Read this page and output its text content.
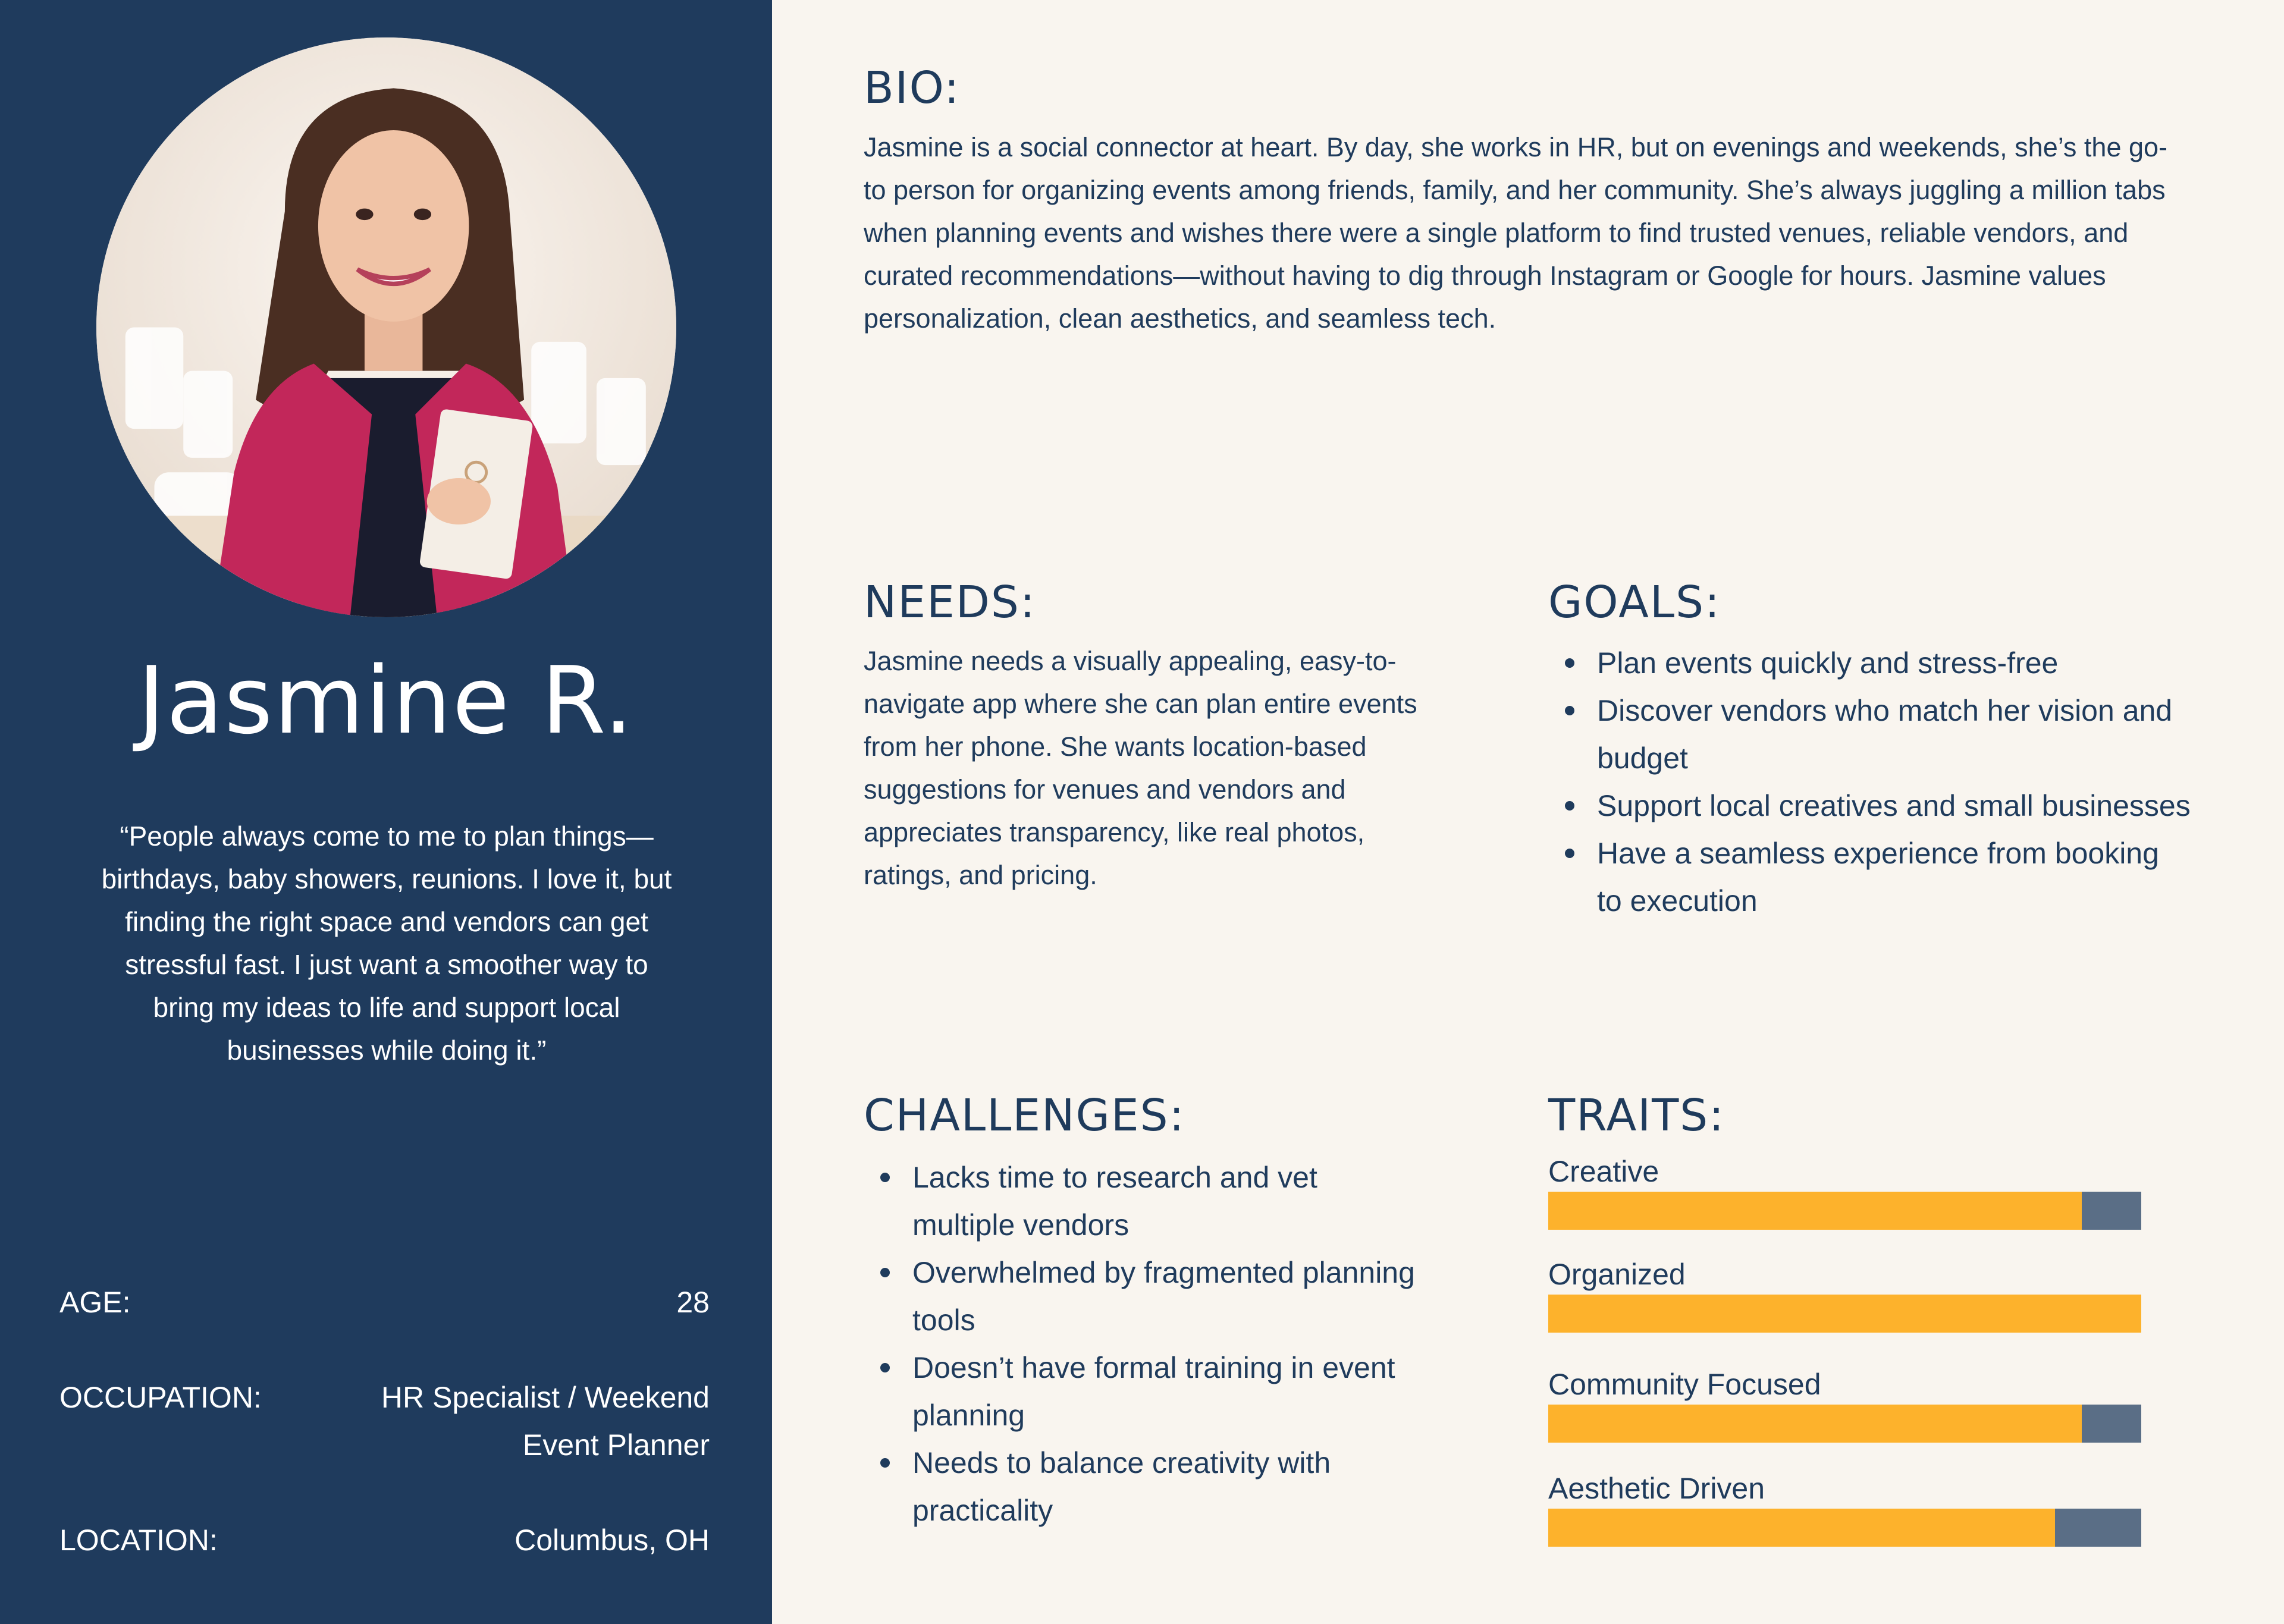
Jasmine R.
“People always come to me to plan things— birthdays, baby showers, reunions. I love it, but finding the right space and vendors can get stressful fast. I just want a smoother way to bring my ideas to life and support local businesses while doing it.”
AGE:	28
OCCUPATION:	HR Specialist / Weekend Event Planner
LOCATION:	Columbus, OH
BIO:

Jasmine is a social connector at heart. By day, she works in HR, but on evenings and weekends, she’s the go-to person for organizing events among friends, family, and her community. She’s always juggling a million tabs when planning events and wishes there were a single platform to find trusted venues, reliable vendors, and curated recommendations—without having to dig through Instagram or Google for hours. Jasmine values personalization, clean aesthetics, and seamless tech.

NEEDS:

Jasmine needs a visually appealing, easy-to-navigate app where she can plan entire events from her phone. She wants location-based suggestions for venues and vendors and appreciates transparency, like real photos, ratings, and pricing.

GOALS:
Plan events quickly and stress-free
Discover vendors who match her vision and budget
Support local creatives and small businesses
Have a seamless experience from booking to execution
CHALLENGES:
Lacks time to research and vet multiple vendors
Overwhelmed by fragmented planning tools
Doesn’t have formal training in event planning
Needs to balance creativity with practicality
TRAITS:
Creative
Organized
Community Focused
Aesthetic Driven
